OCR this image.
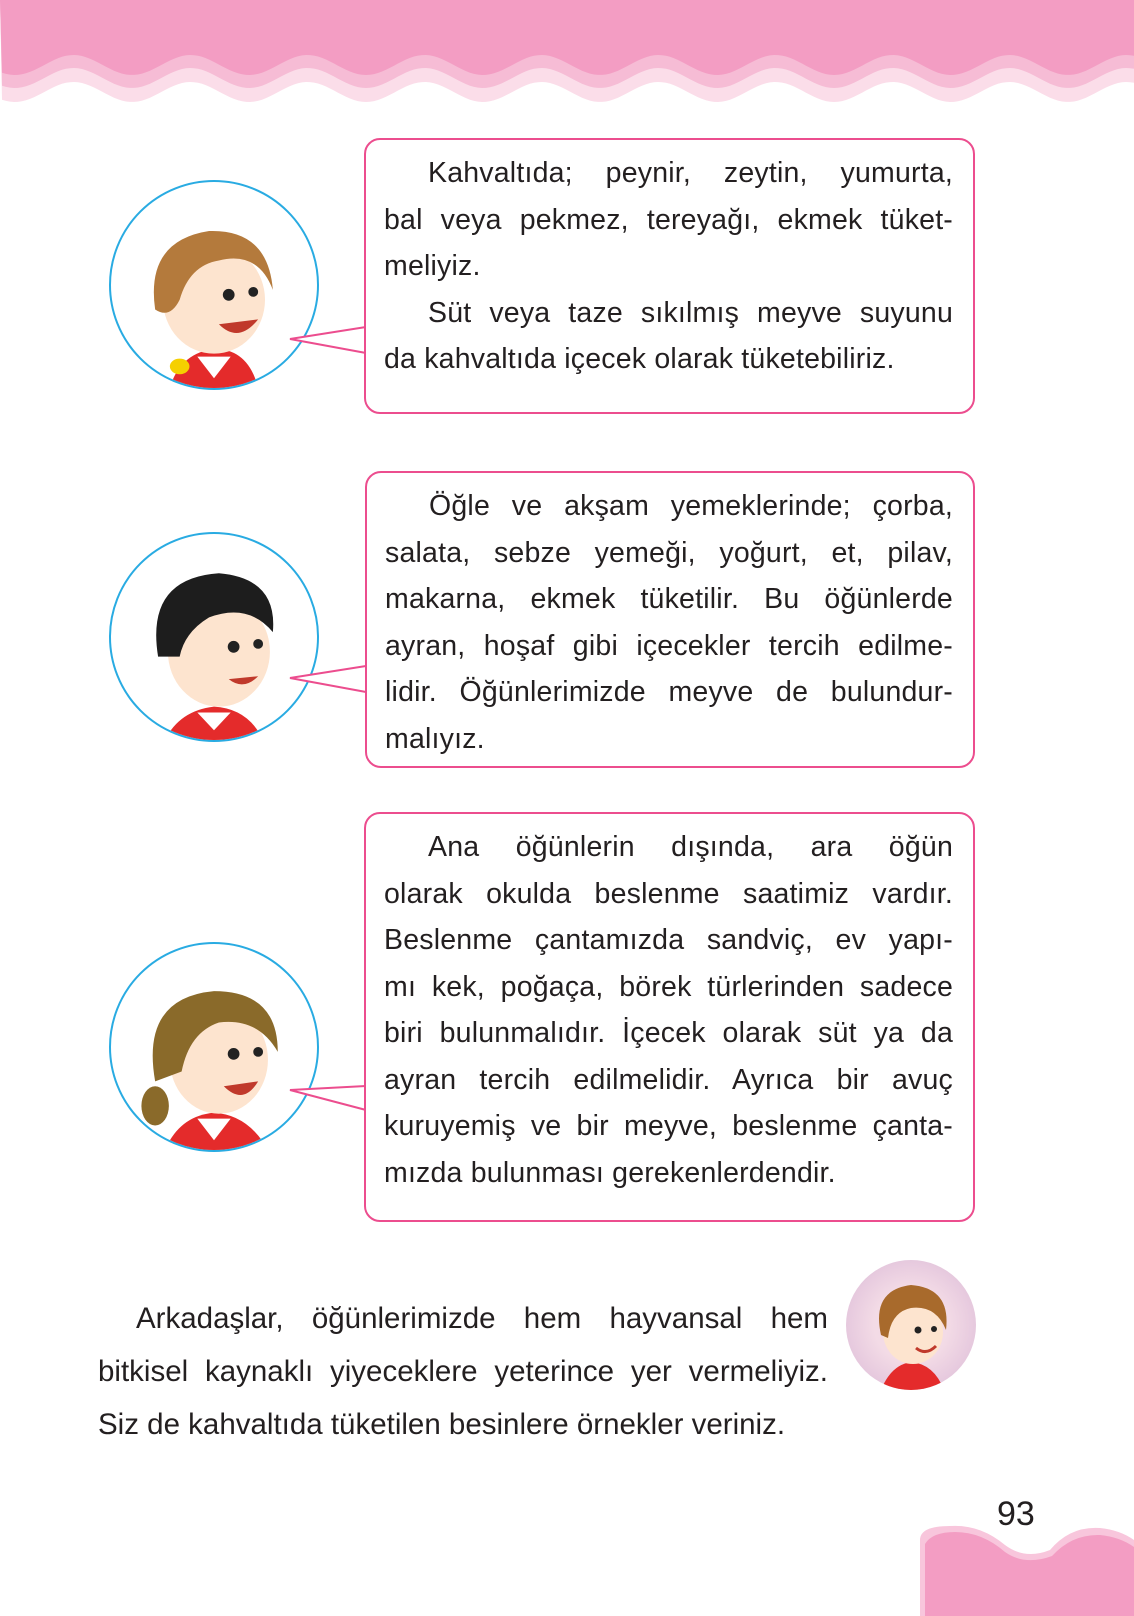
Kahvaltıda; peynir, zeytin, yumurta,
bal veya pekmez, tereyağı, ekmek tüket-
meliyiz.
Süt veya taze sıkılmış meyve suyunu
da kahvaltıda içecek olarak tüketebiliriz.
Öğle ve akşam yemeklerinde; çorba,
salata, sebze yemeği, yoğurt, et, pilav,
makarna, ekmek tüketilir. Bu öğünlerde
ayran, hoşaf gibi içecekler tercih edilme-
lidir. Öğünlerimizde meyve de bulundur-
malıyız.
Ana öğünlerin dışında, ara öğün
olarak okulda beslenme saatimiz vardır.
Beslenme çantamızda sandviç, ev yapı-
mı kek, poğaça, börek türlerinden sadece
biri bulunmalıdır. İçecek olarak süt ya da
ayran tercih edilmelidir. Ayrıca bir avuç
kuruyemiş ve bir meyve, beslenme çanta-
mızda bulunması gerekenlerdendir.
Arkadaşlar, öğünlerimizde hem hayvansal hem
bitkisel kaynaklı yiyeceklere yeterince yer vermeliyiz.
Siz de kahvaltıda tüketilen besinlere örnekler veriniz.
93
